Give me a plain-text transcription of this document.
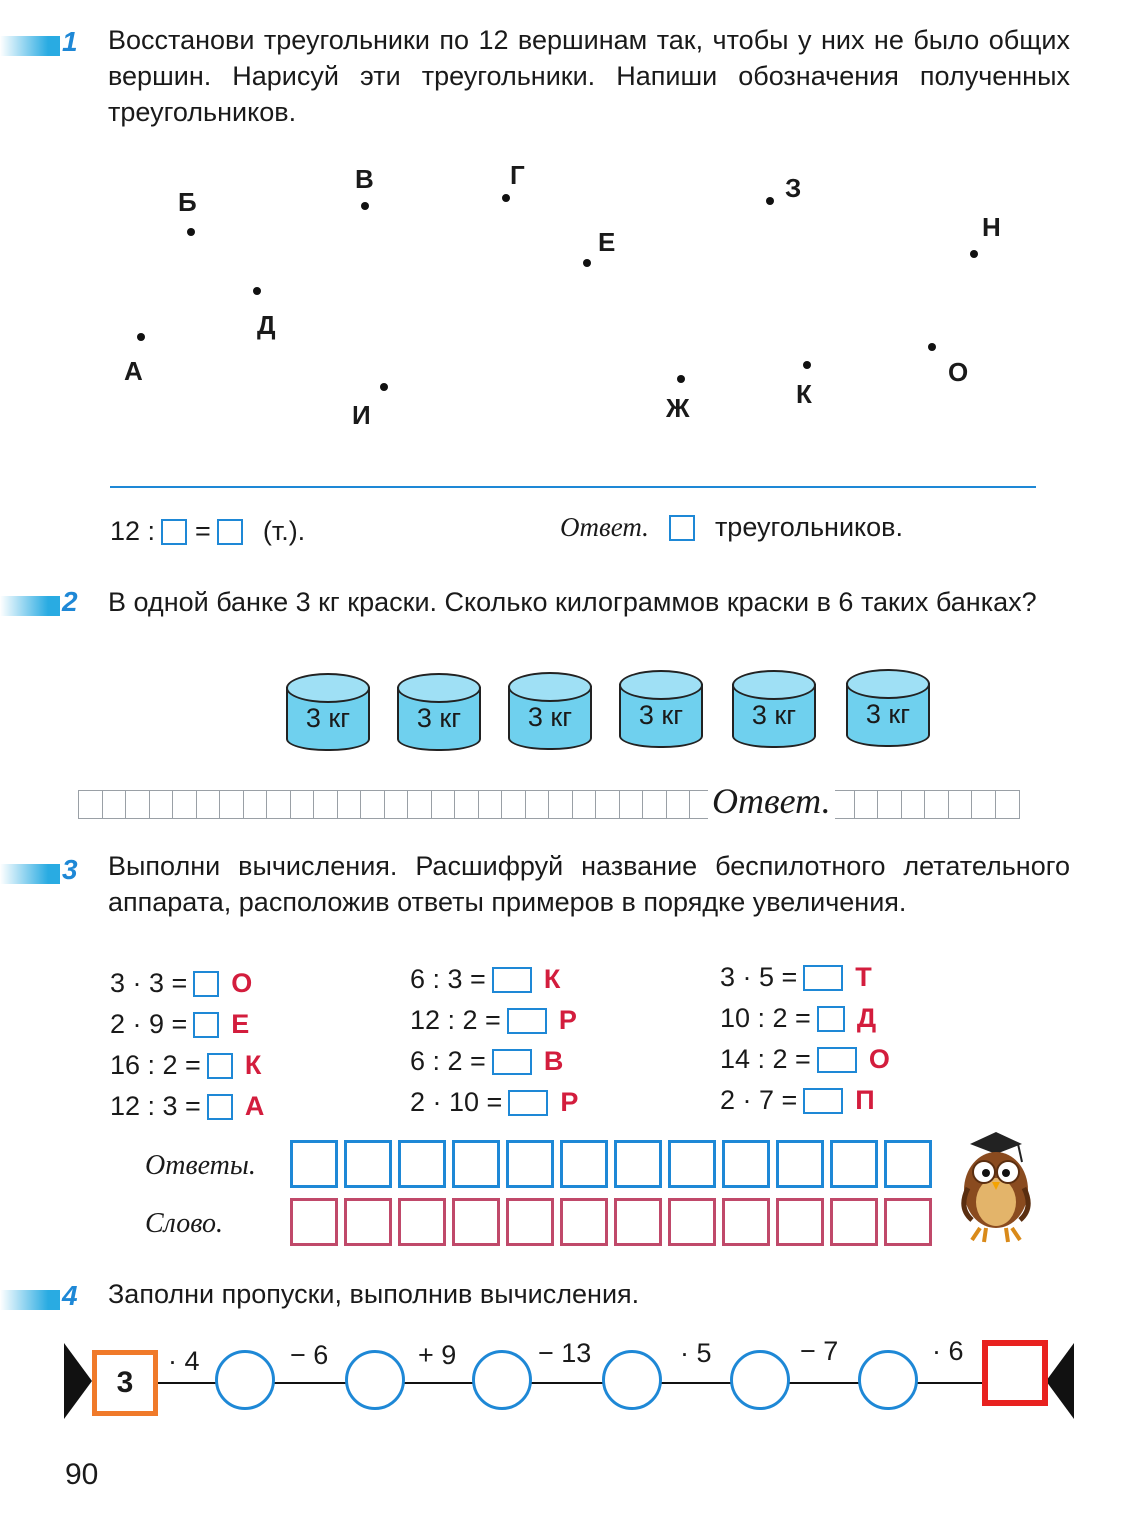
1 Восстанови треугольники по 12 вершинам так, чтобы у них не было общих вершин. Нарисуй эти треугольники. Напиши обозначения полученных треугольников.
Б
В	Г	З
Е	Н
Д
А
И	Ж	К
О
12 : = (т.).	Ответ. треугольников.
2 В одной банке 3 кг краски. Сколько килограммов краски в 6 таких банках?
3 кг	3 кг	3 кг	3 кг	3 кг	3 кг
Ответ.
3 Выполни вычисления. Расшифруй название беспилотного летательного аппарата, расположив ответы примеров в порядке увеличения.
3 · 3 = О
2 · 9 = Е
16 : 2 = К
12 : 3 = А
6 : 3 = К
12 : 2 = Р
6 : 2 = В
2 · 10 = Р
3 · 5 = Т
10 : 2 = Д
14 : 2 = О
2 · 7 = П
Ответы.
Слово.
4 Заполни пропуски, выполнив вычисления.
3
· 4	− 6	+ 9	− 13	· 5	− 7	· 6
90
